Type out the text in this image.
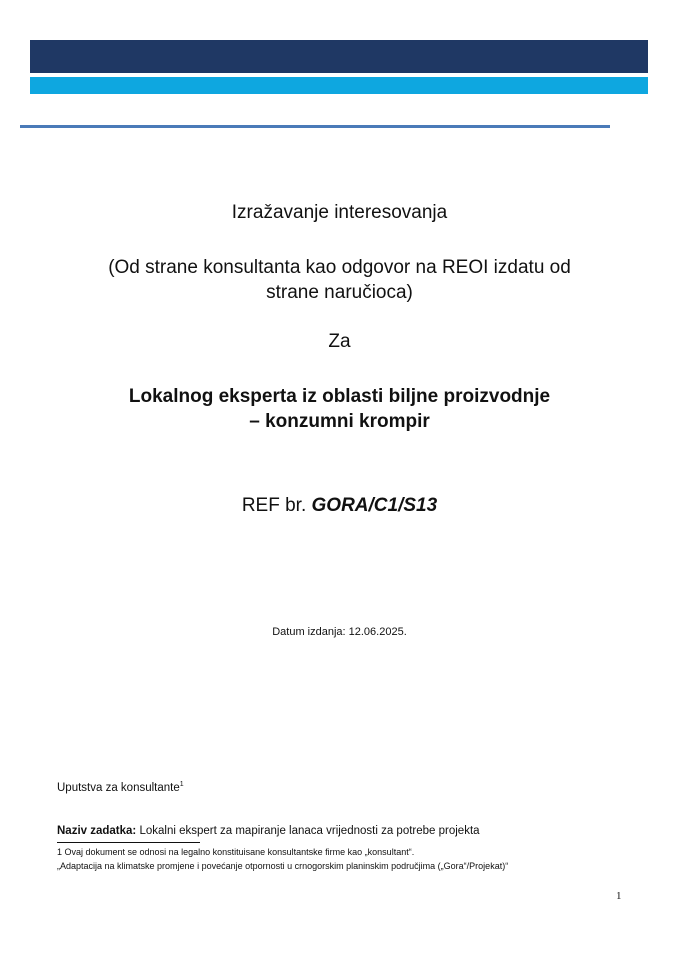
Izražavanje interesovanja
(Od strane konsultanta kao odgovor na REOI izdatu od
strane naručioca)
Za
Lokalnog eksperta iz oblasti biljne proizvodnje
– konzumni krompir
REF br. GORA/C1/S13
Datum izdanja: 12.06.2025.
Uputstva za konsultante$^1$
Naziv zadatka: Lokalni ekspert za mapiranje lanaca vrijednosti za potrebe projekta
1 Ovaj dokument se odnosi na legalno konstituisane konsultantske firme kao „konsultant“.
„Adaptacija na klimatske promjene i povećanje otpornosti u crnogorskim planinskim područjima („Gora“/Projekat)“
1
